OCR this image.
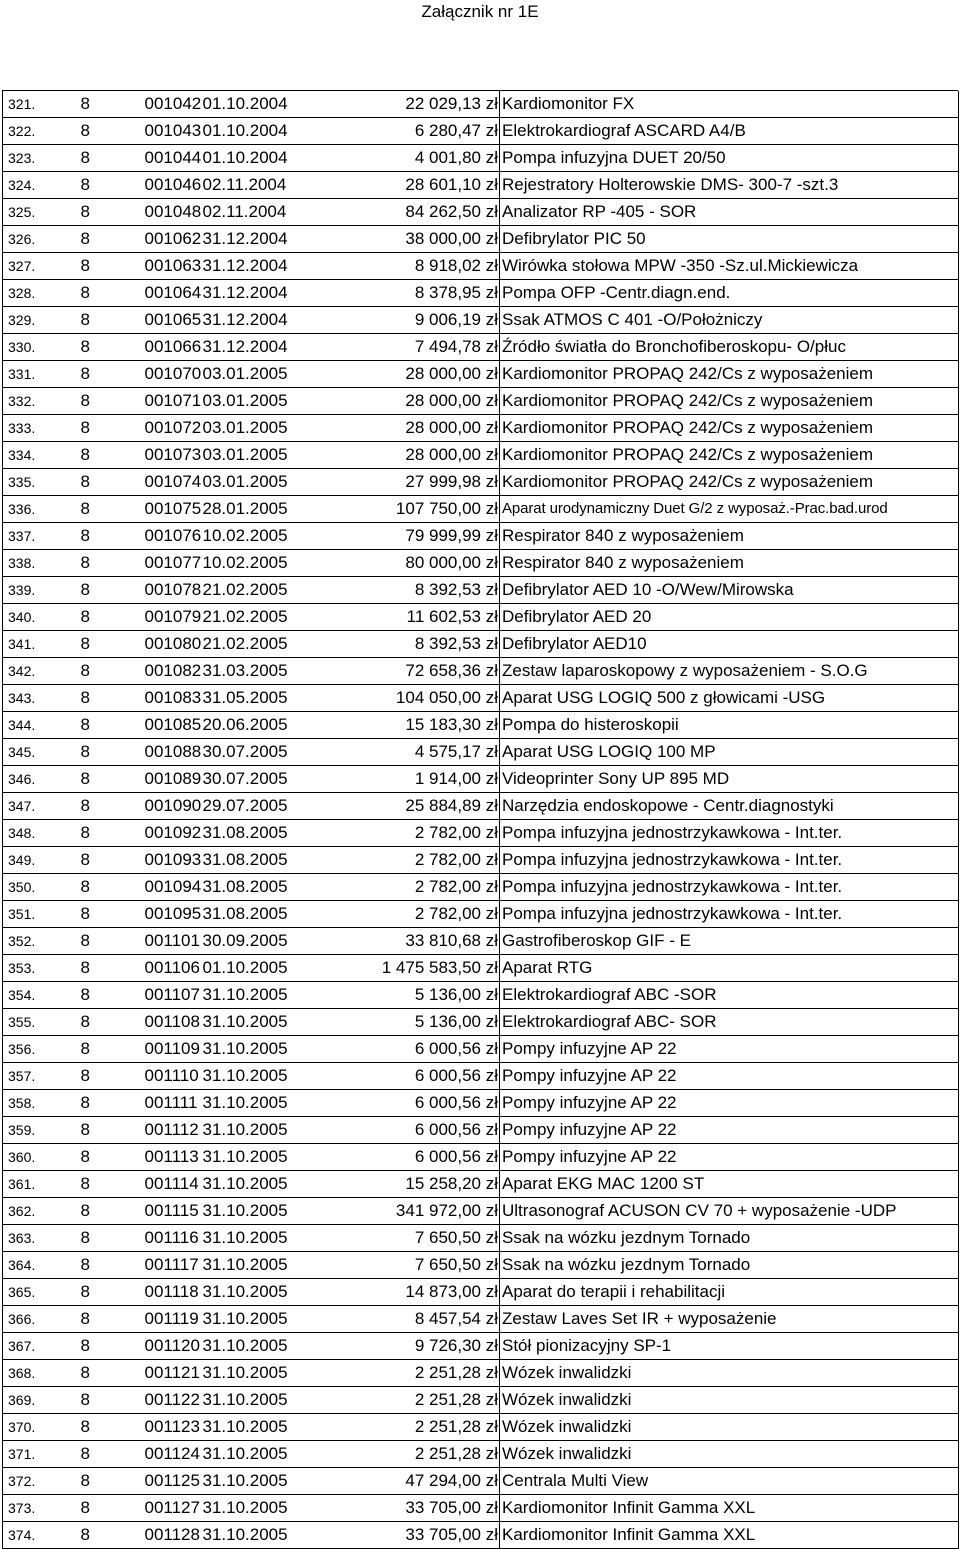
Załącznik nr 1E
321.	8	001042	01.10.2004	22 029,13 zł	Kardiomonitor FX
322.	8	001043	01.10.2004	6 280,47 zł	Elektrokardiograf ASCARD A4/B
323.	8	001044	01.10.2004	4 001,80 zł	Pompa infuzyjna DUET 20/50
324.	8	001046	02.11.2004	28 601,10 zł	Rejestratory Holterowskie DMS- 300-7 -szt.3
325.	8	001048	02.11.2004	84 262,50 zł	Analizator RP -405 - SOR
326.	8	001062	31.12.2004	38 000,00 zł	Defibrylator PIC 50
327.	8	001063	31.12.2004	8 918,02 zł	Wirówka stołowa MPW -350 -Sz.ul.Mickiewicza
328.	8	001064	31.12.2004	8 378,95 zł	Pompa OFP -Centr.diagn.end.
329.	8	001065	31.12.2004	9 006,19 zł	Ssak ATMOS C 401 -O/Położniczy
330.	8	001066	31.12.2004	7 494,78 zł	Źródło światła do Bronchofiberoskopu- O/płuc
331.	8	001070	03.01.2005	28 000,00 zł	Kardiomonitor PROPAQ 242/Cs z wyposażeniem
332.	8	001071	03.01.2005	28 000,00 zł	Kardiomonitor PROPAQ 242/Cs z wyposażeniem
333.	8	001072	03.01.2005	28 000,00 zł	Kardiomonitor PROPAQ 242/Cs z wyposażeniem
334.	8	001073	03.01.2005	28 000,00 zł	Kardiomonitor PROPAQ 242/Cs z wyposażeniem
335.	8	001074	03.01.2005	27 999,98 zł	Kardiomonitor PROPAQ 242/Cs z wyposażeniem
336.	8	001075	28.01.2005	107 750,00 zł	Aparat urodynamiczny Duet G/2 z wyposaż.-Prac.bad.urod
337.	8	001076	10.02.2005	79 999,99 zł	Respirator 840 z wyposażeniem
338.	8	001077	10.02.2005	80 000,00 zł	Respirator 840 z wyposażeniem
339.	8	001078	21.02.2005	8 392,53 zł	Defibrylator AED 10 -O/Wew/Mirowska
340.	8	001079	21.02.2005	11 602,53 zł	Defibrylator AED 20
341.	8	001080	21.02.2005	8 392,53 zł	Defibrylator AED10
342.	8	001082	31.03.2005	72 658,36 zł	Zestaw laparoskopowy z wyposażeniem - S.O.G
343.	8	001083	31.05.2005	104 050,00 zł	Aparat USG LOGIQ 500 z głowicami -USG
344.	8	001085	20.06.2005	15 183,30 zł	Pompa do histeroskopii
345.	8	001088	30.07.2005	4 575,17 zł	Aparat USG LOGIQ 100 MP
346.	8	001089	30.07.2005	1 914,00 zł	Videoprinter Sony UP 895 MD
347.	8	001090	29.07.2005	25 884,89 zł	Narzędzia endoskopowe - Centr.diagnostyki
348.	8	001092	31.08.2005	2 782,00 zł	Pompa infuzyjna jednostrzykawkowa - Int.ter.
349.	8	001093	31.08.2005	2 782,00 zł	Pompa infuzyjna jednostrzykawkowa - Int.ter.
350.	8	001094	31.08.2005	2 782,00 zł	Pompa infuzyjna jednostrzykawkowa - Int.ter.
351.	8	001095	31.08.2005	2 782,00 zł	Pompa infuzyjna jednostrzykawkowa - Int.ter.
352.	8	001101	30.09.2005	33 810,68 zł	Gastrofiberoskop GIF - E
353.	8	001106	01.10.2005	1 475 583,50 zł	Aparat RTG
354.	8	001107	31.10.2005	5 136,00 zł	Elektrokardiograf ABC -SOR
355.	8	001108	31.10.2005	5 136,00 zł	Elektrokardiograf ABC- SOR
356.	8	001109	31.10.2005	6 000,56 zł	Pompy infuzyjne AP 22
357.	8	001110	31.10.2005	6 000,56 zł	Pompy infuzyjne AP 22
358.	8	001111	31.10.2005	6 000,56 zł	Pompy infuzyjne AP 22
359.	8	001112	31.10.2005	6 000,56 zł	Pompy infuzyjne AP 22
360.	8	001113	31.10.2005	6 000,56 zł	Pompy infuzyjne AP 22
361.	8	001114	31.10.2005	15 258,20 zł	Aparat EKG MAC 1200 ST
362.	8	001115	31.10.2005	341 972,00 zł	Ultrasonograf ACUSON CV 70 + wyposażenie -UDP
363.	8	001116	31.10.2005	7 650,50 zł	Ssak na wózku jezdnym Tornado
364.	8	001117	31.10.2005	7 650,50 zł	Ssak na wózku jezdnym Tornado
365.	8	001118	31.10.2005	14 873,00 zł	Aparat do terapii i rehabilitacji
366.	8	001119	31.10.2005	8 457,54 zł	Zestaw Laves Set IR + wyposażenie
367.	8	001120	31.10.2005	9 726,30 zł	Stół pionizacyjny SP-1
368.	8	001121	31.10.2005	2 251,28 zł	Wózek inwalidzki
369.	8	001122	31.10.2005	2 251,28 zł	Wózek inwalidzki
370.	8	001123	31.10.2005	2 251,28 zł	Wózek inwalidzki
371.	8	001124	31.10.2005	2 251,28 zł	Wózek inwalidzki
372.	8	001125	31.10.2005	47 294,00 zł	Centrala Multi View
373.	8	001127	31.10.2005	33 705,00 zł	Kardiomonitor Infinit Gamma XXL
374.	8	001128	31.10.2005	33 705,00 zł	Kardiomonitor Infinit Gamma XXL
